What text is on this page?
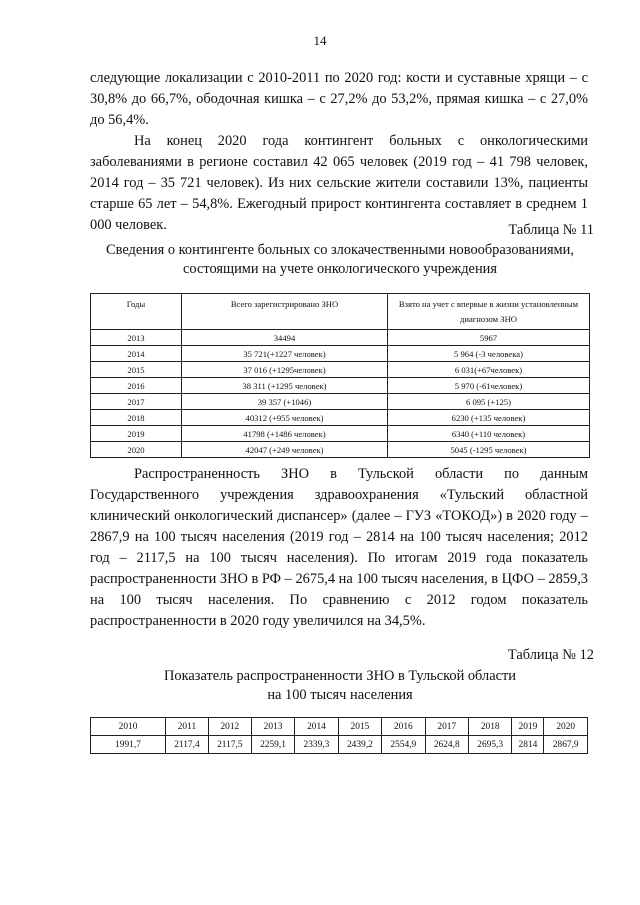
14

следующие локализации с 2010-2011 по 2020 год: кости и суставные хрящи – с 30,8% до 66,7%, ободочная кишка – с 27,2% до 53,2%, прямая кишка – с 27,0% до 56,4%.

На конец 2020 года контингент больных с онкологическими заболеваниями в регионе составил 42 065 человек (2019 год – 41 798 человек, 2014 год – 35 721 человек). Из них сельские жители составили 13%, пациенты старше 65 лет – 54,8%. Ежегодный прирост контингента составляет в среднем 1 000 человек.	Таблица № 11
Сведения о контингенте больных со злокачественными новообразованиями,
состоящими на учете онкологического учреждения
Годы	Всего зарегистрировано ЗНО	Взято на учет с впервые в жизни установленным диагнозом ЗНО
2013	34494	5967
2014	35 721(+1227 человек)	5 964 (-3 человека)
2015	37 016 (+1295человек)	6 031(+67человек)
2016	38 311 (+1295 человек)	5 970 (-61человек)
2017	39 357 (+1046)	6 095 (+125)
2018	40312 (+955 человек)	6230 (+135 человек)
2019	41798 (+1486 человек)	6340 (+110 человек)
2020	42047 (+249 человек)	5045 (-1295 человек)

Распространенность ЗНО в Тульской области по данным Государственного учреждения здравоохранения «Тульский областной клинический онкологический диспансер» (далее – ГУЗ «ТОКОД») в 2020 году – 2867,9 на 100 тысяч населения (2019 год – 2814 на 100 тысяч населения; 2012 год – 2117,5 на 100 тысяч населения). По итогам 2019 года показатель распространенности ЗНО в РФ – 2675,4 на 100 тысяч населения, в ЦФО – 2859,3 на 100 тысяч населения. По сравнению с 2012 годом показатель распространенности в 2020 году увеличился на 34,5%.

Таблица № 12
Показатель распространенности ЗНО в Тульской области
на 100 тысяч населения
2010	2011	2012	2013	2014	2015	2016	2017	2018	2019	2020
1991,7	2117,4	2117,5	2259,1	2339,3	2439,2	2554,9	2624,8	2695,3	2814	2867,9
